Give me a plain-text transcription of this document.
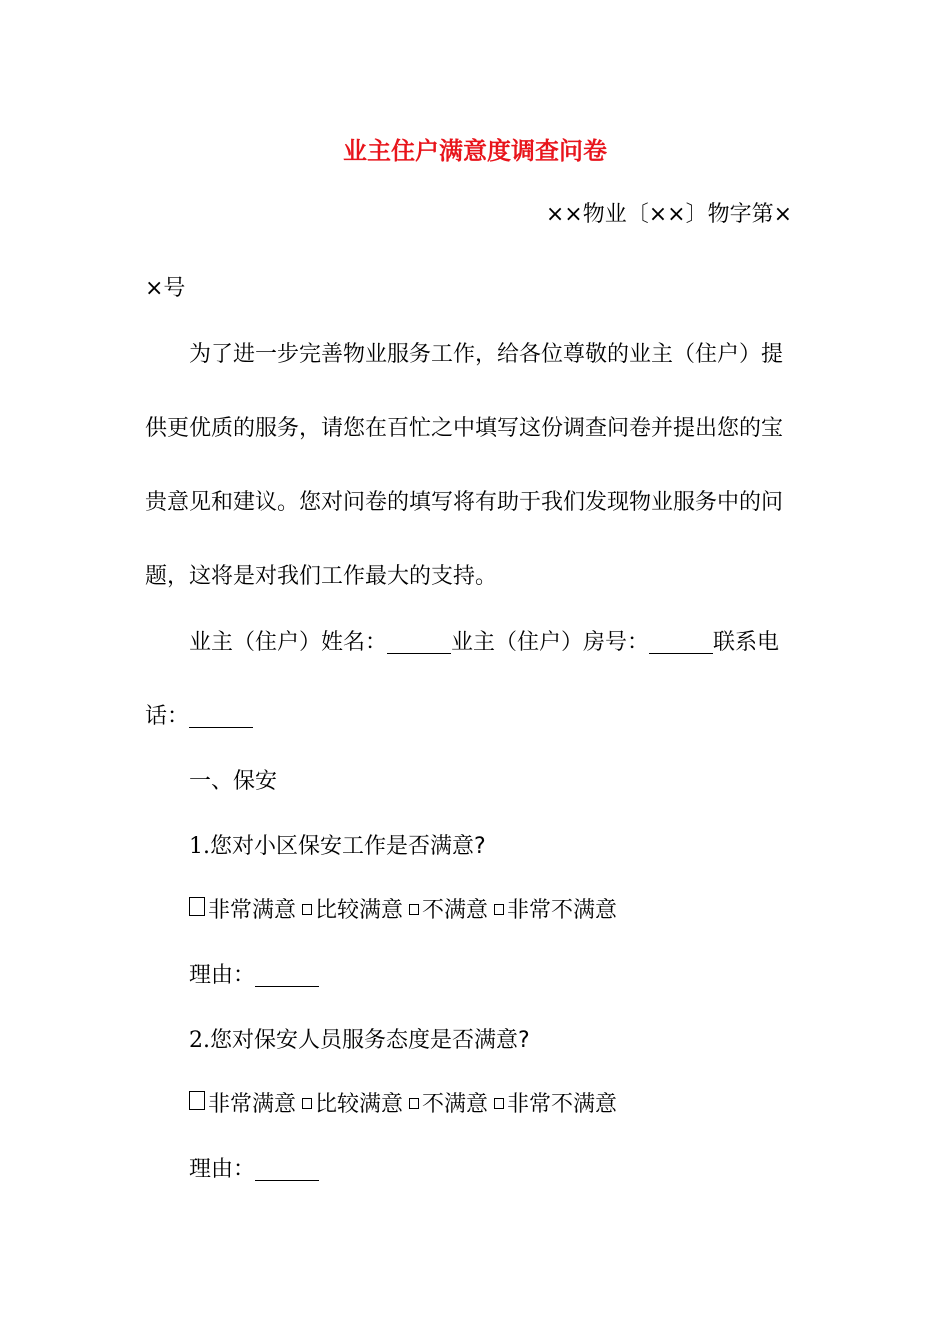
业主住户满意度调查问卷
××物业〔××〕物字第×
×号
为了进一步完善物业服务工作，给各位尊敬的业主（住户）提
供更优质的服务，请您在百忙之中填写这份调查问卷并提出您的宝
贵意见和建议。您对问卷的填写将有助于我们发现物业服务中的问
题，这将是对我们工作最大的支持。
业主（住户）姓名：	业主（住户）房号：	联系电
话：
一、保安
1.您对小区保安工作是否满意?
非常满意 比较满意 不满意 非常不满意
理由：
2.您对保安人员服务态度是否满意?
非常满意 比较满意 不满意 非常不满意
理由：
